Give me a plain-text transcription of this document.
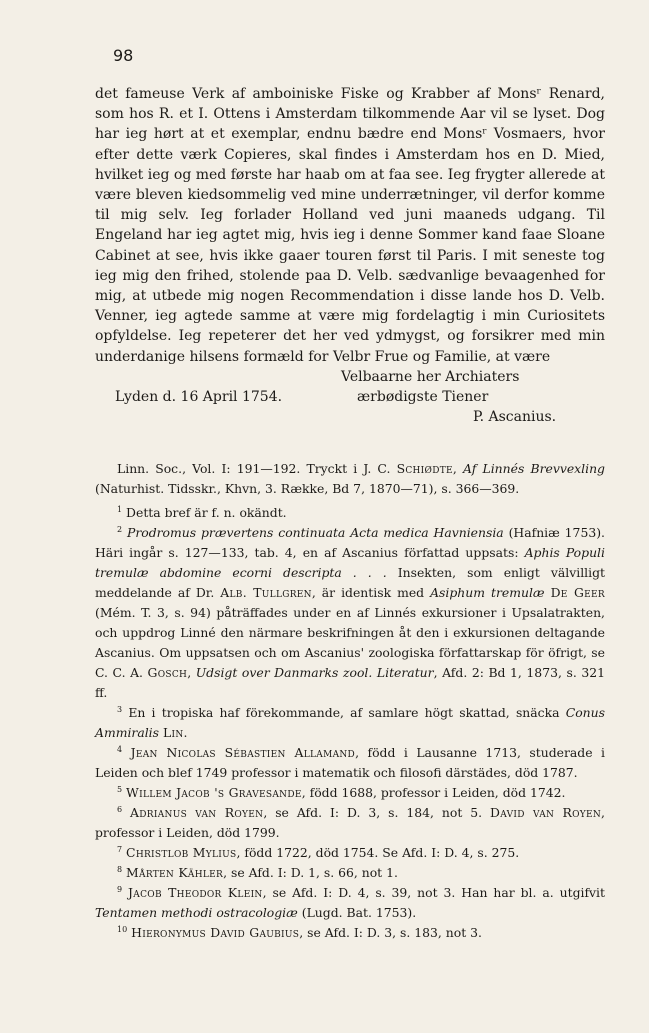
98

det fameuse Verk af amboiniske Fiske og Krabber af Monsʳ Renard, som hos R. et I. Ottens i Amsterdam tilkommende Aar vil se lyset. Dog har ieg hørt at et exemplar, endnu bædre end Monsʳ Vosmaers, hvor efter dette værk Copieres, skal findes i Amsterdam hos en D. Mied, hvilket ieg og med første har haab om at faa see. Ieg frygter allerede at være bleven kiedsommelig ved mine underrætninger, vil derfor komme til mig selv. Ieg forlader Holland ved juni maaneds udgang. Til Engeland har ieg agtet mig, hvis ieg i denne Sommer kand faae Sloane Cabinet at see, hvis ikke gaaer touren først til Paris. I mit seneste tog ieg mig den frihed, stolende paa D. Velb. sædvanlige bevaagenhed for mig, at utbede mig nogen Recommendation i disse lande hos D. Velb. Venner, ieg agtede samme at være mig fordelagtig i min Curiositets opfyldelse. Ieg repeterer det her ved ydmygst, og forsikrer med min underdanige hilsens formæld for Velbr Frue og Familie, at være

Velbaarne her Archiaters
Lyden d. 16 April 1754.	ærbødigste Tiener
P. Ascanius.

Linn. Soc., Vol. I: 191—192. Tryckt i J. C. Schiødte, Af Linnés Brevvexling (Naturhist. Tidsskr., Khvn, 3. Række, Bd 7, 1870—71), s. 366—369.

$^1$ Detta bref är f. n. okändt.

$^2$ Prodromus prævertens continuata Acta medica Havniensia (Hafniæ 1753). Häri ingår s. 127—133, tab. 4, en af Ascanius författad uppsats: Aphis Populi tremulæ abdomine ecorni descripta . . . Insekten, som enligt välvilligt meddelande af Dr. Alb. Tullgren, är identisk med Asiphum tremulæ De Geer (Mém. T. 3, s. 94) påträffades under en af Linnés exkursioner i Upsalatrakten, och uppdrog Linné den närmare beskrifningen åt den i exkursionen deltagande Ascanius. Om uppsatsen och om Ascanius' zoologiska författarskap för öfrigt, se C. C. A. Gosch, Udsigt over Danmarks zool. Literatur, Afd. 2: Bd 1, 1873, s. 321 ff.

$^3$ En i tropiska haf förekommande, af samlare högt skattad, snäcka Conus Ammiralis Lin.

$^4$ Jean Nicolas Sébastien Allamand, född i Lausanne 1713, studerade i Leiden och blef 1749 professor i matematik och filosofi därstädes, död 1787.

$^5$ Willem Jacob 's Gravesande, född 1688, professor i Leiden, död 1742.

$^6$ Adrianus van Royen, se Afd. I: D. 3, s. 184, not 5. David van Royen, professor i Leiden, död 1799.

$^7$ Christlob Mylius, född 1722, död 1754. Se Afd. I: D. 4, s. 275.

$^8$ Mårten Kähler, se Afd. I: D. 1, s. 66, not 1.

$^9$ Jacob Theodor Klein, se Afd. I: D. 4, s. 39, not 3. Han har bl. a. utgifvit Tentamen methodi ostracologiæ (Lugd. Bat. 1753).

$^{10}$ Hieronymus David Gaubius, se Afd. I: D. 3, s. 183, not 3.
